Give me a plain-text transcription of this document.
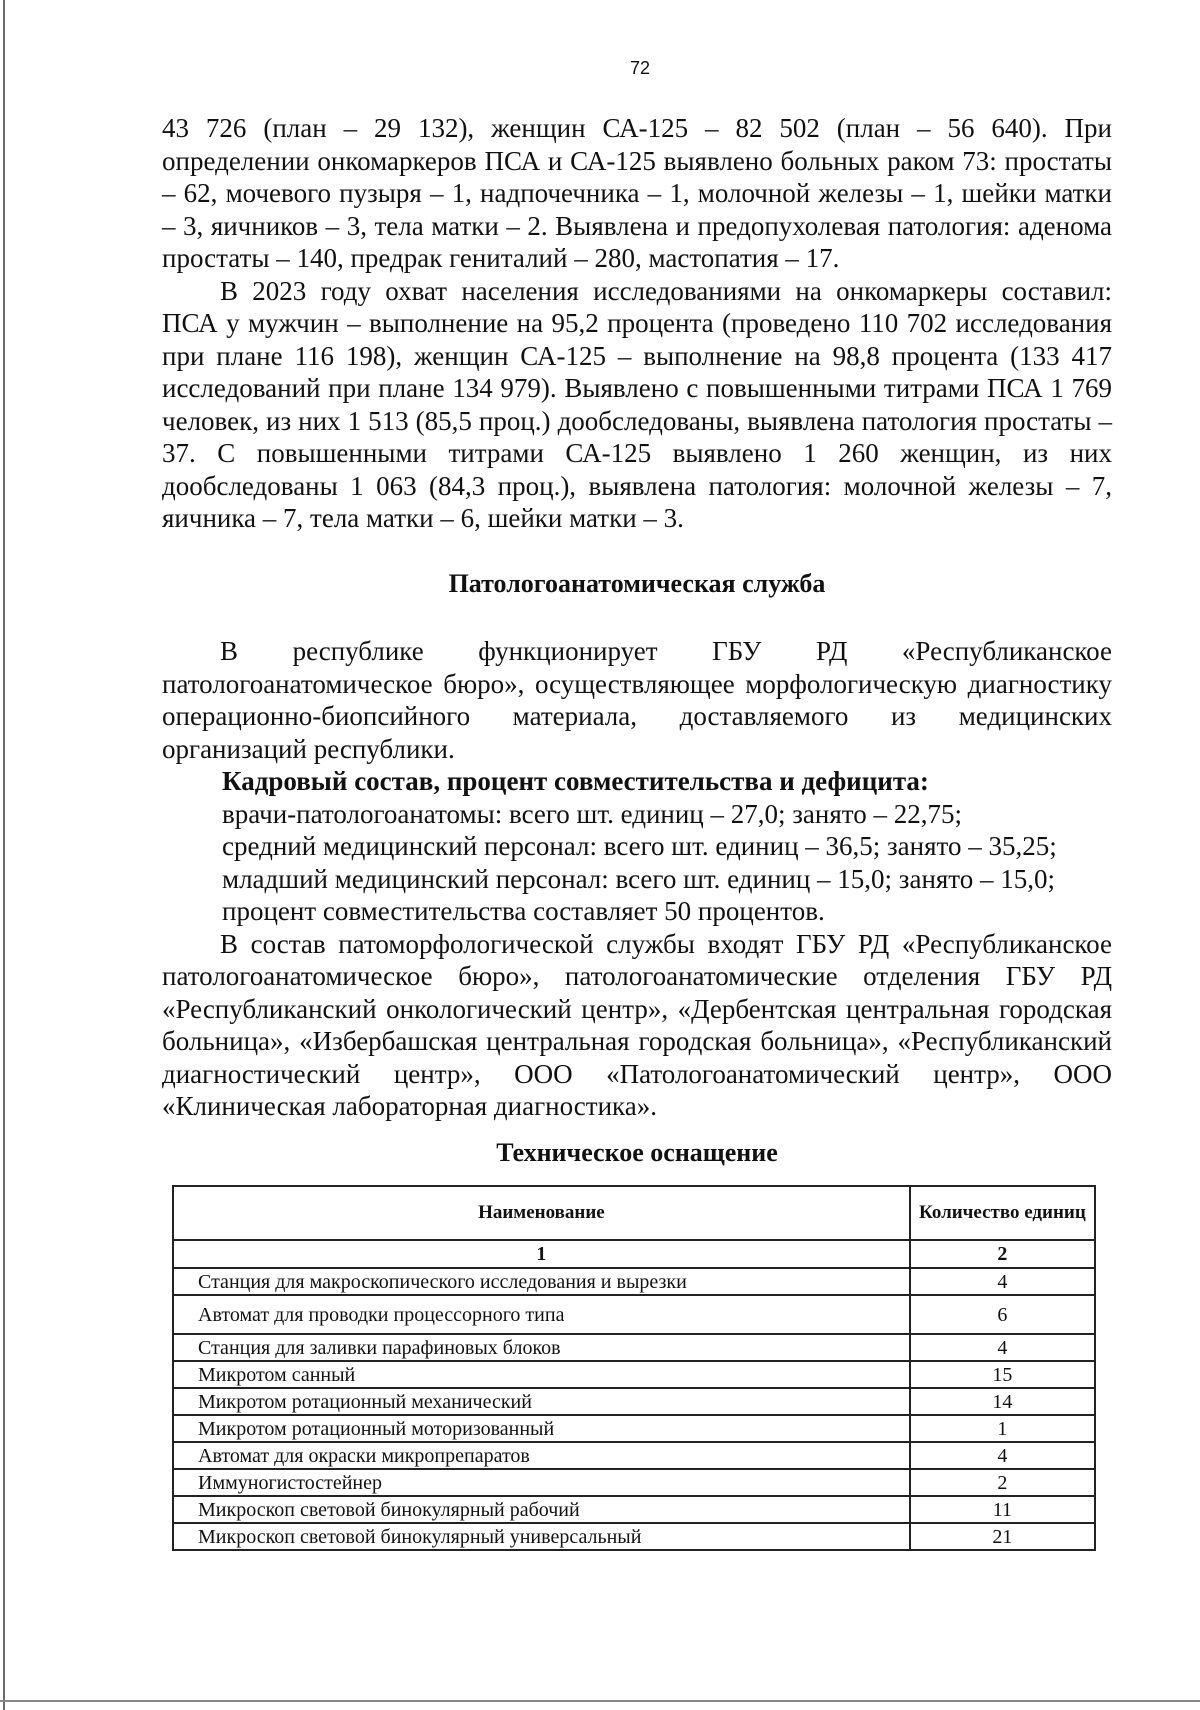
72

43 726 (план – 29 132), женщин СА-125 – 82 502 (план – 56 640). При определении онкомаркеров ПСА и СА-125 выявлено больных раком 73: простаты – 62, мочевого пузыря – 1, надпочечника – 1, молочной железы – 1, шейки матки – 3, яичников – 3, тела матки – 2. Выявлена и предопухолевая патология: аденома простаты – 140, предрак гениталий – 280, мастопатия – 17.

В 2023 году охват населения исследованиями на онкомаркеры составил: ПСА у мужчин – выполнение на 95,2 процента (проведено 110 702 исследования при плане 116 198), женщин СА-125 – выполнение на 98,8 процента (133 417 исследований при плане 134 979). Выявлено с повышенными титрами ПСА 1 769 человек, из них 1 513 (85,5 проц.) дообследованы, выявлена патология простаты – 37. С повышенными титрами СА-125 выявлено 1 260 женщин, из них дообследованы 1 063 (84,3 проц.), выявлена патология: молочной железы – 7, яичника – 7, тела матки – 6, шейки матки – 3.

Патологоанатомическая служба

В республике функционирует ГБУ РД «Республиканское патологоанатомическое бюро», осуществляющее морфологическую диагностику операционно-биопсийного материала, доставляемого из медицинских организаций республики.

Кадровый состав, процент совместительства и дефицита:

врачи-патологоанатомы: всего шт. единиц – 27,0; занято – 22,75;

средний медицинский персонал: всего шт. единиц – 36,5; занято – 35,25;

младший медицинский персонал: всего шт. единиц – 15,0; занято – 15,0;

процент совместительства составляет 50 процентов.

В состав патоморфологической службы входят ГБУ РД «Республиканское патологоанатомическое бюро», патологоанатомические отделения ГБУ РД «Республиканский онкологический центр», «Дербентская центральная городская больница», «Избербашская центральная городская больница», «Республиканский диагностический центр», ООО «Патологоанатомический центр», ООО «Клиническая лабораторная диагностика».

Техническое оснащение
Наименование	Количество единиц
1	2
Станция для макроскопического исследования и вырезки	4
Автомат для проводки процессорного типа	6
Станция для заливки парафиновых блоков	4
Микротом санный	15
Микротом ротационный механический	14
Микротом ротационный моторизованный	1
Автомат для окраски микропрепаратов	4
Иммуногистостейнер	2
Микроскоп световой бинокулярный рабочий	11
Микроскоп световой бинокулярный универсальный	21
